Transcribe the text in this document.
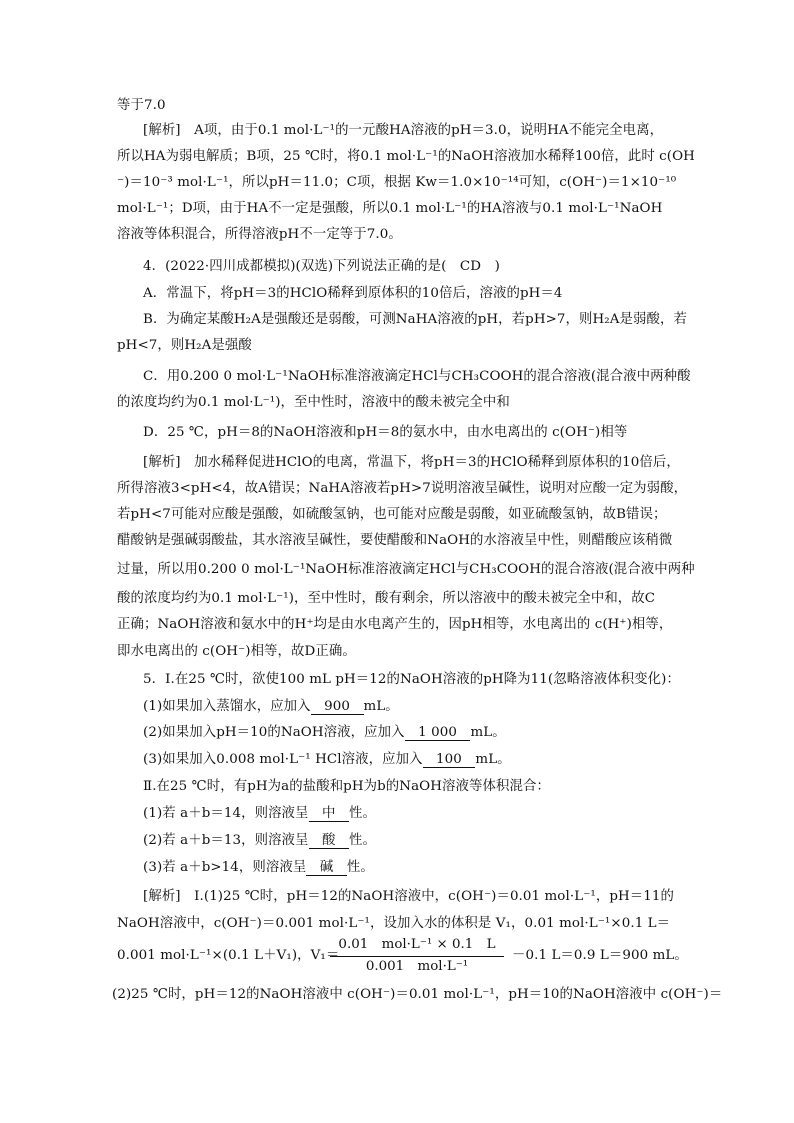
等于7.0
[解析]　A项，由于0.1 mol·L⁻¹的一元酸HA溶液的pH＝3.0，说明HA不能完全电离，
所以HA为弱电解质；B项，25 ℃时，将0.1 mol·L⁻¹的NaOH溶液加水稀释100倍，此时 c(OH
⁻)＝10⁻³ mol·L⁻¹，所以pH＝11.0；C项，根据 Kw＝1.0×10⁻¹⁴可知，c(OH⁻)＝1×10⁻¹⁰
mol·L⁻¹；D项，由于HA不一定是强酸，所以0.1 mol·L⁻¹的HA溶液与0.1 mol·L⁻¹NaOH
溶液等体积混合，所得溶液pH不一定等于7.0。
4．(2022·四川成都模拟)(双选)下列说法正确的是(　CD　)
A．常温下，将pH＝3的HClO稀释到原体积的10倍后，溶液的pH＝4
B．为确定某酸H₂A是强酸还是弱酸，可测NaHA溶液的pH，若pH>7，则H₂A是弱酸，若
pH<7，则H₂A是强酸
C．用0.200 0 mol·L⁻¹NaOH标准溶液滴定HCl与CH₃COOH的混合溶液(混合液中两种酸
的浓度均约为0.1 mol·L⁻¹)，至中性时，溶液中的酸未被完全中和
D．25 ℃，pH＝8的NaOH溶液和pH＝8的氨水中，由水电离出的 c(OH⁻)相等
[解析]　加水稀释促进HClO的电离，常温下，将pH＝3的HClO稀释到原体积的10倍后，
所得溶液3<pH<4，故A错误；NaHA溶液若pH>7说明溶液呈碱性，说明对应酸一定为弱酸，
若pH<7可能对应酸是强酸，如硫酸氢钠，也可能对应酸是弱酸，如亚硫酸氢钠，故B错误；
醋酸钠是强碱弱酸盐，其水溶液呈碱性，要使醋酸和NaOH的水溶液呈中性，则醋酸应该稍微
过量，所以用0.200 0 mol·L⁻¹NaOH标准溶液滴定HCl与CH₃COOH的混合溶液(混合液中两种
酸的浓度均约为0.1 mol·L⁻¹)，至中性时，酸有剩余，所以溶液中的酸未被完全中和，故C
正确；NaOH溶液和氨水中的H⁺均是由水电离产生的，因pH相等，水电离出的 c(H⁺)相等，
即水电离出的 c(OH⁻)相等，故D正确。
5．Ⅰ.在25 ℃时，欲使100 mL pH＝12的NaOH溶液的pH降为11(忽略溶液体积变化)：
(1)如果加入蒸馏水，应加入　900　mL。
(2)如果加入pH＝10的NaOH溶液，应加入　1 000　mL。
(3)如果加入0.008 mol·L⁻¹ HCl溶液，应加入　100　mL。
Ⅱ.在25 ℃时，有pH为a的盐酸和pH为b的NaOH溶液等体积混合：
(1)若 a＋b＝14，则溶液呈　中　性。
(2)若 a＋b＝13，则溶液呈　酸　性。
(3)若 a＋b>14，则溶液呈　碱　性。
[解析]　Ⅰ.(1)25 ℃时，pH＝12的NaOH溶液中，c(OH⁻)＝0.01 mol·L⁻¹，pH＝11的
NaOH溶液中，c(OH⁻)＝0.001 mol·L⁻¹，设加入水的体积是 V₁，0.01 mol·L⁻¹×0.1 L＝
0.001 mol·L⁻¹×(0.1 L＋V₁)，V₁＝
0.01　mol·L⁻¹ × 0.1　L
0.001　mol·L⁻¹
－0.1 L＝0.9 L＝900 mL。
(2)25 ℃时，pH＝12的NaOH溶液中 c(OH⁻)＝0.01 mol·L⁻¹，pH＝10的NaOH溶液中 c(OH⁻)＝
